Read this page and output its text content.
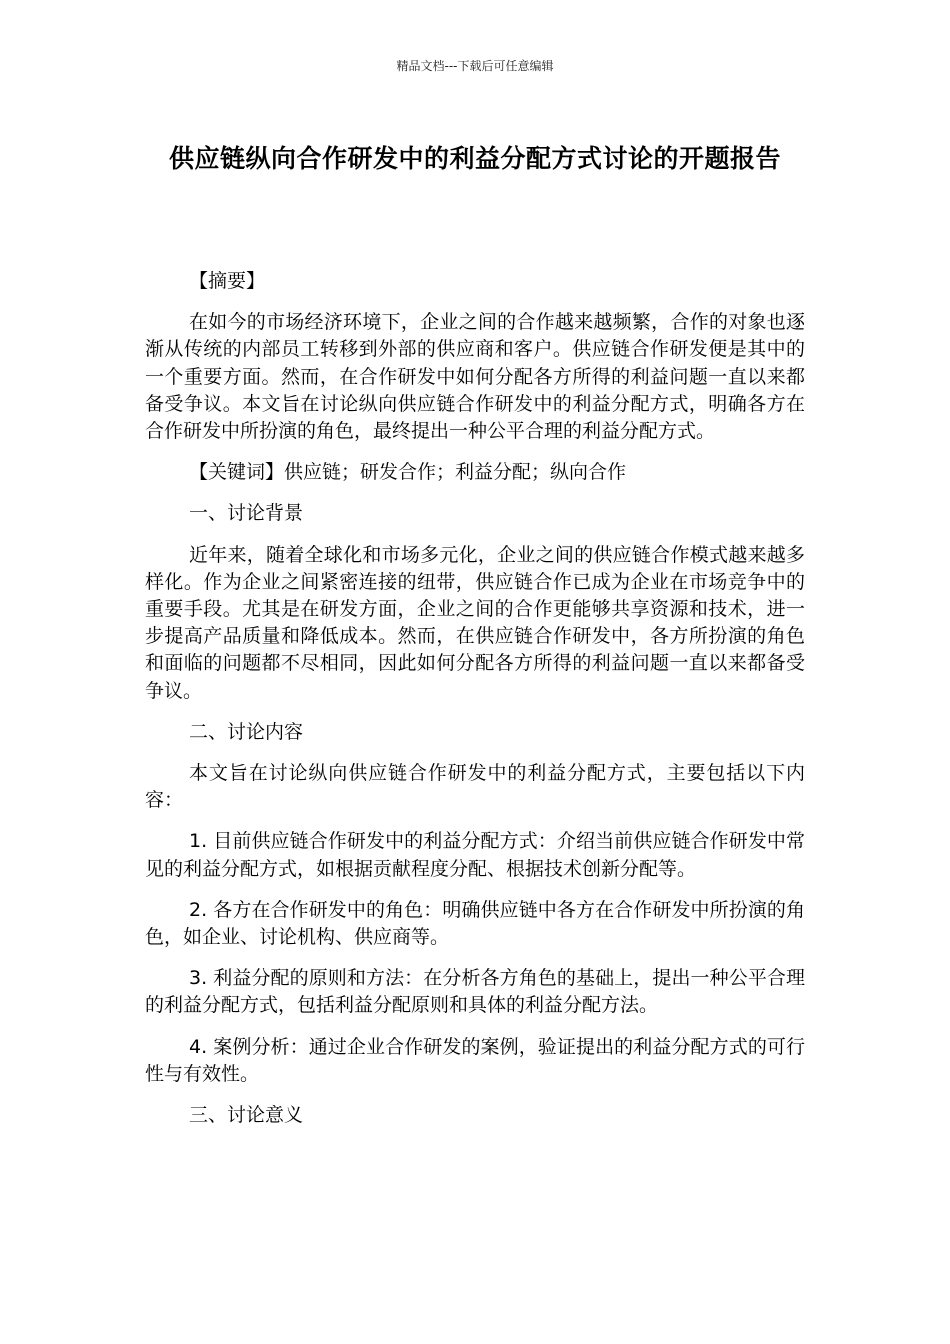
精品文档---下载后可任意编辑
供应链纵向合作研发中的利益分配方式讨论的开题报告

【摘要】

在如今的市场经济环境下，企业之间的合作越来越频繁，合作的对象也逐渐从传统的内部员工转移到外部的供应商和客户。供应链合作研发便是其中的一个重要方面。然而，在合作研发中如何分配各方所得的利益问题一直以来都备受争议。本文旨在讨论纵向供应链合作研发中的利益分配方式，明确各方在合作研发中所扮演的角色，最终提出一种公平合理的利益分配方式。

【关键词】供应链；研发合作；利益分配；纵向合作

一、讨论背景

近年来，随着全球化和市场多元化，企业之间的供应链合作模式越来越多样化。作为企业之间紧密连接的纽带，供应链合作已成为企业在市场竞争中的重要手段。尤其是在研发方面，企业之间的合作更能够共享资源和技术，进一步提高产品质量和降低成本。然而，在供应链合作研发中，各方所扮演的角色和面临的问题都不尽相同，因此如何分配各方所得的利益问题一直以来都备受争议。

二、讨论内容

本文旨在讨论纵向供应链合作研发中的利益分配方式，主要包括以下内容：

1. 目前供应链合作研发中的利益分配方式：介绍当前供应链合作研发中常见的利益分配方式，如根据贡献程度分配、根据技术创新分配等。

2. 各方在合作研发中的角色：明确供应链中各方在合作研发中所扮演的角色，如企业、讨论机构、供应商等。

3. 利益分配的原则和方法：在分析各方角色的基础上，提出一种公平合理的利益分配方式，包括利益分配原则和具体的利益分配方法。

4. 案例分析：通过企业合作研发的案例，验证提出的利益分配方式的可行性与有效性。

三、讨论意义
